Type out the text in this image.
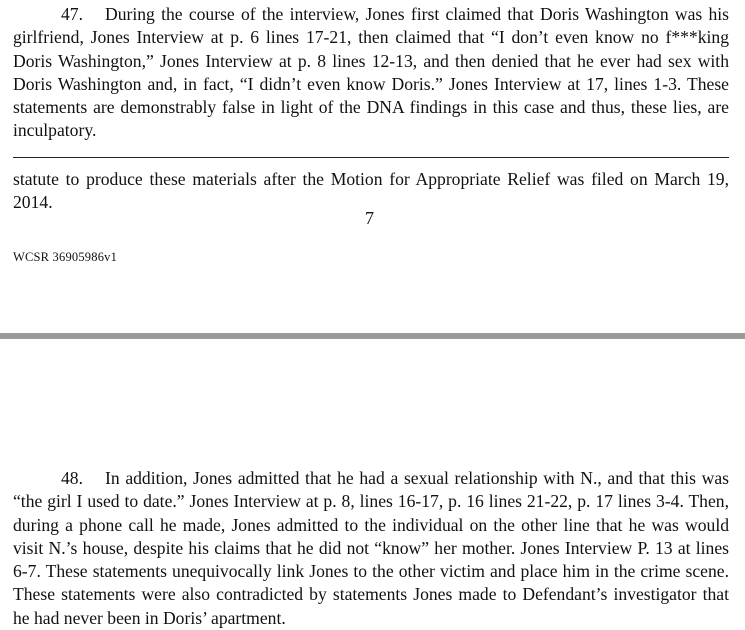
47. During the course of the interview, Jones first claimed that Doris Washington was his girlfriend, Jones Interview at p. 6 lines 17-21, then claimed that “I don’t even know no f***king Doris Washington,” Jones Interview at p. 8 lines 12-13, and then denied that he ever had sex with Doris Washington and, in fact, “I didn’t even know Doris.” Jones Interview at 17, lines 1-3. These statements are demonstrably false in light of the DNA findings in this case and thus, these lies, are inculpatory.

statute to produce these materials after the Motion for Appropriate Relief was filed on March 19, 2014.

7
WCSR 36905986v1

48. In addition, Jones admitted that he had a sexual relationship with N., and that this was “the girl I used to date.” Jones Interview at p. 8, lines 16-17, p. 16 lines 21-22, p. 17 lines 3-4. Then, during a phone call he made, Jones admitted to the individual on the other line that he was would visit N.’s house, despite his claims that he did not “know” her mother. Jones Interview P. 13 at lines 6-7. These statements unequivocally link Jones to the other victim and place him in the crime scene. These statements were also contradicted by statements Jones made to Defendant’s investigator that he had never been in Doris’ apartment.
